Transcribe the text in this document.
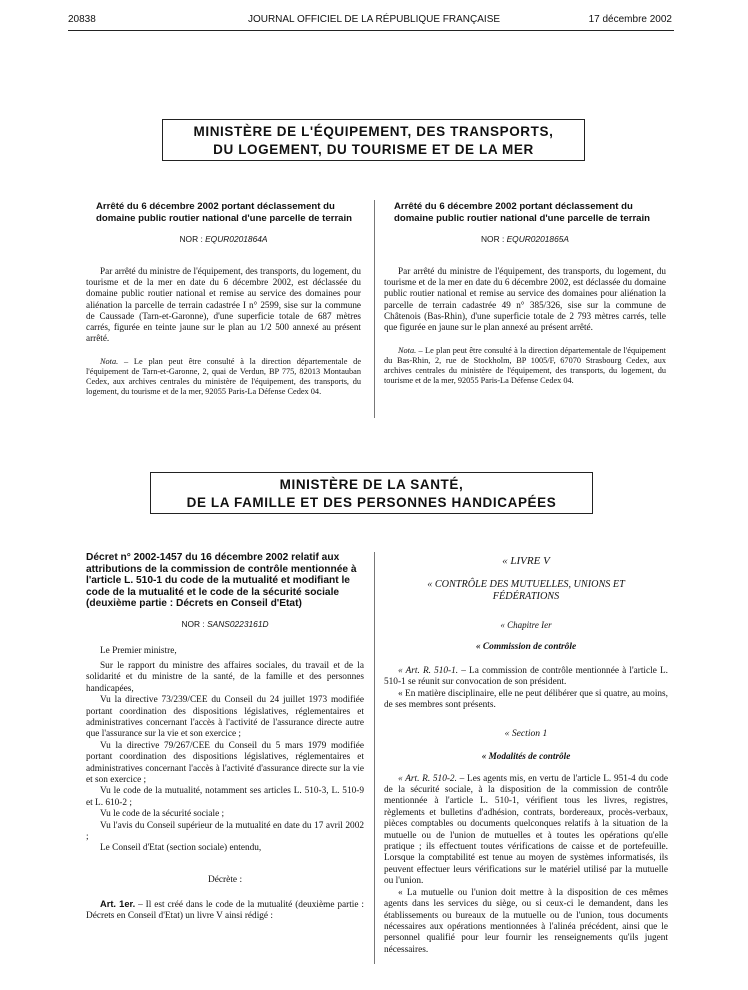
20838	JOURNAL OFFICIEL DE LA RÉPUBLIQUE FRANÇAISE	17 décembre 2002
MINISTÈRE DE L'ÉQUIPEMENT, DES TRANSPORTS,
DU LOGEMENT, DU TOURISME ET DE LA MER
Arrêté du 6 décembre 2002 portant déclassement du domaine public routier national d'une parcelle de terrain
NOR : EQUR0201864A

Par arrêté du ministre de l'équipement, des transports, du logement, du tourisme et de la mer en date du 6 décembre 2002, est déclassée du domaine public routier national et remise au service des domaines pour aliénation la parcelle de terrain cadastrée I n° 2599, sise sur la commune de Caussade (Tarn-et-Garonne), d'une superficie totale de 687 mètres carrés, figurée en teinte jaune sur le plan au 1/2 500 annexé au présent arrêté.

Nota. – Le plan peut être consulté à la direction départementale de l'équipement de Tarn-et-Garonne, 2, quai de Verdun, BP 775, 82013 Montauban Cedex, aux archives centrales du ministère de l'équipement, des transports, du logement, du tourisme et de la mer, 92055 Paris-La Défense Cedex 04.

Arrêté du 6 décembre 2002 portant déclassement du domaine public routier national d'une parcelle de terrain
NOR : EQUR0201865A

Par arrêté du ministre de l'équipement, des transports, du logement, du tourisme et de la mer en date du 6 décembre 2002, est déclassée du domaine public routier national et remise au service des domaines pour aliénation la parcelle de terrain cadastrée 49 n° 385/326, sise sur la commune de Châtenois (Bas-Rhin), d'une superficie totale de 2 793 mètres carrés, telle que figurée en jaune sur le plan annexé au présent arrêté.

Nota. – Le plan peut être consulté à la direction départementale de l'équipement du Bas-Rhin, 2, rue de Stockholm, BP 1005/F, 67070 Strasbourg Cedex, aux archives centrales du ministère de l'équipement, des transports, du logement, du tourisme et de la mer, 92055 Paris-La Défense Cedex 04.

MINISTÈRE DE LA SANTÉ,
DE LA FAMILLE ET DES PERSONNES HANDICAPÉES
Décret n° 2002-1457 du 16 décembre 2002 relatif aux attributions de la commission de contrôle mentionnée à l'article L. 510-1 du code de la mutualité et modifiant le code de la mutualité et le code de la sécurité sociale (deuxième partie : Décrets en Conseil d'Etat)
NOR : SANS0223161D

Le Premier ministre,

Sur le rapport du ministre des affaires sociales, du travail et de la solidarité et du ministre de la santé, de la famille et des personnes handicapées,

Vu la directive 73/239/CEE du Conseil du 24 juillet 1973 modifiée portant coordination des dispositions législatives, réglementaires et administratives concernant l'accès à l'activité de l'assurance directe autre que l'assurance sur la vie et son exercice ;

Vu la directive 79/267/CEE du Conseil du 5 mars 1979 modifiée portant coordination des dispositions législatives, réglementaires et administratives concernant l'accès à l'activité d'assurance directe sur la vie et son exercice ;

Vu le code de la mutualité, notamment ses articles L. 510-3, L. 510-9 et L. 610-2 ;

Vu le code de la sécurité sociale ;

Vu l'avis du Conseil supérieur de la mutualité en date du 17 avril 2002 ;

Le Conseil d'Etat (section sociale) entendu,

Décrète :

Art. 1er. – Il est créé dans le code de la mutualité (deuxième partie : Décrets en Conseil d'Etat) un livre V ainsi rédigé :

« LIVRE V
« CONTRÔLE DES MUTUELLES, UNIONS ET FÉDÉRATIONS
« Chapitre Ier
« Commission de contrôle

« Art. R. 510-1. – La commission de contrôle mentionnée à l'article L. 510-1 se réunit sur convocation de son président.

« En matière disciplinaire, elle ne peut délibérer que si quatre, au moins, de ses membres sont présents.

« Section 1
« Modalités de contrôle

« Art. R. 510-2. – Les agents mis, en vertu de l'article L. 951-4 du code de la sécurité sociale, à la disposition de la commission de contrôle mentionnée à l'article L. 510-1, vérifient tous les livres, registres, règlements et bulletins d'adhésion, contrats, bordereaux, procès-verbaux, pièces comptables ou documents quelconques relatifs à la situation de la mutuelle ou de l'union de mutuelles et à toutes les opérations qu'elle pratique ; ils effectuent toutes vérifications de caisse et de portefeuille. Lorsque la comptabilité est tenue au moyen de systèmes informatisés, ils peuvent effectuer leurs vérifications sur le matériel utilisé par la mutuelle ou l'union.

« La mutuelle ou l'union doit mettre à la disposition de ces mêmes agents dans les services du siège, ou si ceux-ci le demandent, dans les établissements ou bureaux de la mutuelle ou de l'union, tous documents nécessaires aux opérations mentionnées à l'alinéa précédent, ainsi que le personnel qualifié pour leur fournir les renseignements qu'ils jugent nécessaires.
